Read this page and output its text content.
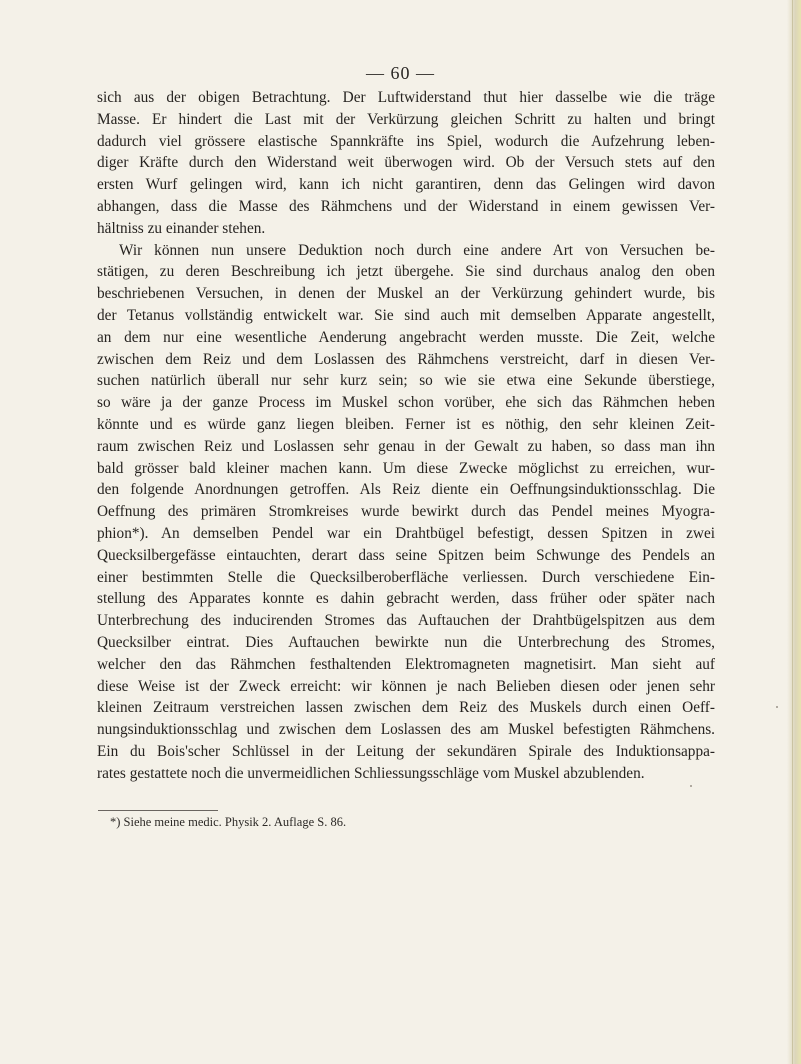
— 60 —
sich aus der obigen Betrachtung. Der Luftwiderstand thut hier dasselbe wie die träge
Masse. Er hindert die Last mit der Verkürzung gleichen Schritt zu halten und bringt
dadurch viel grössere elastische Spannkräfte ins Spiel, wodurch die Aufzehrung leben-
diger Kräfte durch den Widerstand weit überwogen wird. Ob der Versuch stets auf den
ersten Wurf gelingen wird, kann ich nicht garantiren, denn das Gelingen wird davon
abhangen, dass die Masse des Rähmchens und der Widerstand in einem gewissen Ver-
hältniss zu einander stehen.
Wir können nun unsere Deduktion noch durch eine andere Art von Versuchen be-
stätigen, zu deren Beschreibung ich jetzt übergehe. Sie sind durchaus analog den oben
beschriebenen Versuchen, in denen der Muskel an der Verkürzung gehindert wurde, bis
der Tetanus vollständig entwickelt war. Sie sind auch mit demselben Apparate angestellt,
an dem nur eine wesentliche Aenderung angebracht werden musste. Die Zeit, welche
zwischen dem Reiz und dem Loslassen des Rähmchens verstreicht, darf in diesen Ver-
suchen natürlich überall nur sehr kurz sein; so wie sie etwa eine Sekunde überstiege,
so wäre ja der ganze Process im Muskel schon vorüber, ehe sich das Rähmchen heben
könnte und es würde ganz liegen bleiben. Ferner ist es nöthig, den sehr kleinen Zeit-
raum zwischen Reiz und Loslassen sehr genau in der Gewalt zu haben, so dass man ihn
bald grösser bald kleiner machen kann. Um diese Zwecke möglichst zu erreichen, wur-
den folgende Anordnungen getroffen. Als Reiz diente ein Oeffnungsinduktionsschlag. Die
Oeffnung des primären Stromkreises wurde bewirkt durch das Pendel meines Myogra-
phion*). An demselben Pendel war ein Drahtbügel befestigt, dessen Spitzen in zwei
Quecksilbergefässe eintauchten, derart dass seine Spitzen beim Schwunge des Pendels an
einer bestimmten Stelle die Quecksilberoberfläche verliessen. Durch verschiedene Ein-
stellung des Apparates konnte es dahin gebracht werden, dass früher oder später nach
Unterbrechung des inducirenden Stromes das Auftauchen der Drahtbügelspitzen aus dem
Quecksilber eintrat. Dies Auftauchen bewirkte nun die Unterbrechung des Stromes,
welcher den das Rähmchen festhaltenden Elektromagneten magnetisirt. Man sieht auf
diese Weise ist der Zweck erreicht: wir können je nach Belieben diesen oder jenen sehr
kleinen Zeitraum verstreichen lassen zwischen dem Reiz des Muskels durch einen Oeff-
nungsinduktionsschlag und zwischen dem Loslassen des am Muskel befestigten Rähmchens.
Ein du Bois'scher Schlüssel in der Leitung der sekundären Spirale des Induktionsappa-
rates gestattete noch die unvermeidlichen Schliessungsschläge vom Muskel abzublenden.
*) Siehe meine medic. Physik 2. Auflage S. 86.
